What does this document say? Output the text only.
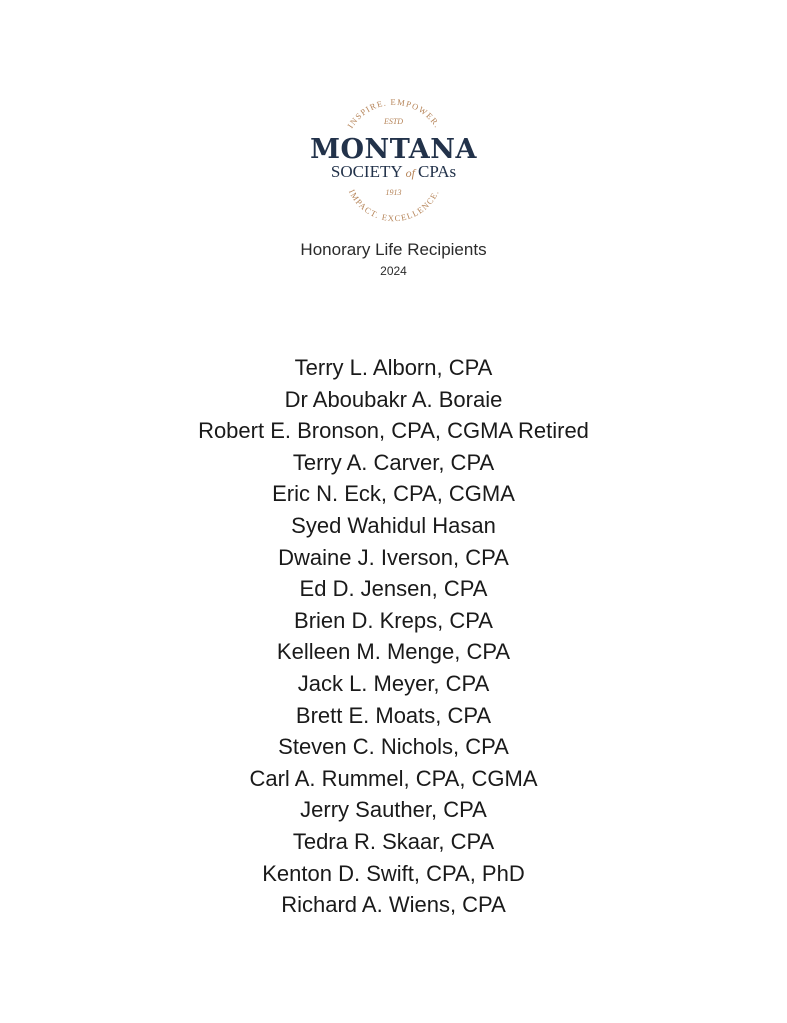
INSPIRE. EMPOWER.
IMPACT. EXCELLENCE.
ESTD
MONTANA
SOCIETY of CPAs
1913
Honorary Life Recipients
2024
Terry L. Alborn, CPA
Dr Aboubakr A. Boraie
Robert E. Bronson, CPA, CGMA Retired
Terry A. Carver, CPA
Eric N. Eck, CPA, CGMA
Syed Wahidul Hasan
Dwaine J. Iverson, CPA
Ed D. Jensen, CPA
Brien D. Kreps, CPA
Kelleen M. Menge, CPA
Jack L. Meyer, CPA
Brett E. Moats, CPA
Steven C. Nichols, CPA
Carl A. Rummel, CPA, CGMA
Jerry Sauther, CPA
Tedra R. Skaar, CPA
Kenton D. Swift, CPA, PhD
Richard A. Wiens, CPA
